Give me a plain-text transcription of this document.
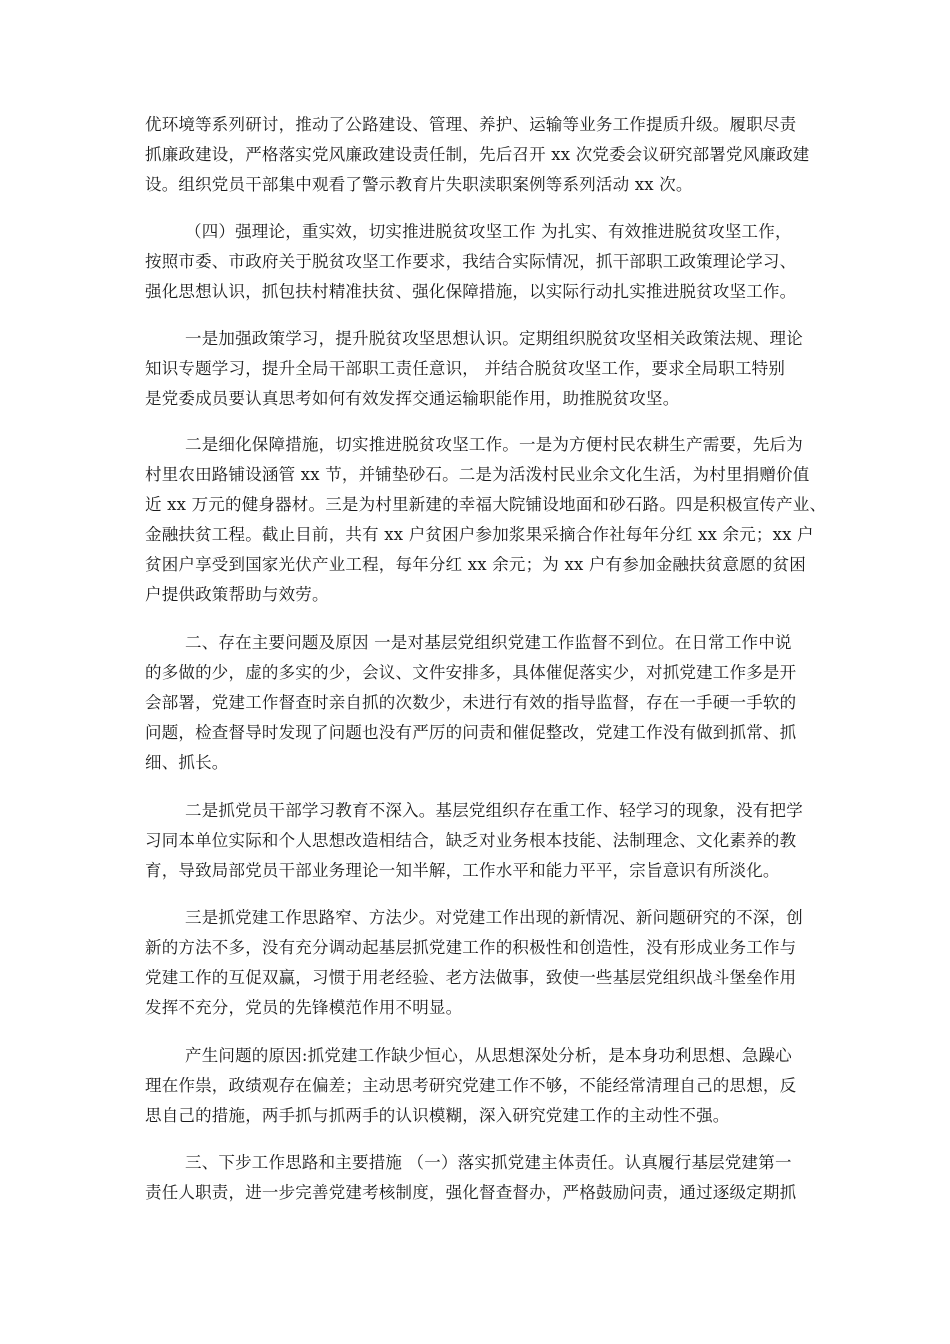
优环境等系列研讨，推动了公路建设、管理、养护、运输等业务工作提质升级。履职尽责
抓廉政建设，严格落实党风廉政建设责任制，先后召开 xx 次党委会议研究部署党风廉政建
设。组织党员干部集中观看了警示教育片失职渎职案例等系列活动 xx 次。
（四）强理论，重实效，切实推进脱贫攻坚工作 为扎实、有效推进脱贫攻坚工作，
按照市委、市政府关于脱贫攻坚工作要求，我结合实际情况，抓干部职工政策理论学习、
强化思想认识，抓包扶村精准扶贫、强化保障措施，以实际行动扎实推进脱贫攻坚工作。
一是加强政策学习，提升脱贫攻坚思想认识。定期组织脱贫攻坚相关政策法规、理论
知识专题学习，提升全局干部职工责任意识， 并结合脱贫攻坚工作，要求全局职工特别
是党委成员要认真思考如何有效发挥交通运输职能作用，助推脱贫攻坚。
二是细化保障措施，切实推进脱贫攻坚工作。一是为方便村民农耕生产需要，先后为
村里农田路铺设涵管 xx 节，并铺垫砂石。二是为活泼村民业余文化生活，为村里捐赠价值
近 xx 万元的健身器材。三是为村里新建的幸福大院铺设地面和砂石路。四是积极宣传产业、
金融扶贫工程。截止目前，共有 xx 户贫困户参加浆果采摘合作社每年分红 xx 余元；xx 户
贫困户享受到国家光伏产业工程，每年分红 xx 余元；为 xx 户有参加金融扶贫意愿的贫困
户提供政策帮助与效劳。
二、存在主要问题及原因 一是对基层党组织党建工作监督不到位。在日常工作中说
的多做的少，虚的多实的少，会议、文件安排多，具体催促落实少，对抓党建工作多是开
会部署，党建工作督查时亲自抓的次数少，未进行有效的指导监督，存在一手硬一手软的
问题，检查督导时发现了问题也没有严厉的问责和催促整改，党建工作没有做到抓常、抓
细、抓长。
二是抓党员干部学习教育不深入。基层党组织存在重工作、轻学习的现象，没有把学
习同本单位实际和个人思想改造相结合，缺乏对业务根本技能、法制理念、文化素养的教
育，导致局部党员干部业务理论一知半解，工作水平和能力平平，宗旨意识有所淡化。
三是抓党建工作思路窄、方法少。对党建工作出现的新情况、新问题研究的不深，创
新的方法不多，没有充分调动起基层抓党建工作的积极性和创造性，没有形成业务工作与
党建工作的互促双赢，习惯于用老经验、老方法做事，致使一些基层党组织战斗堡垒作用
发挥不充分，党员的先锋模范作用不明显。
产生问题的原因:抓党建工作缺少恒心，从思想深处分析，是本身功利思想、急躁心
理在作祟，政绩观存在偏差；主动思考研究党建工作不够，不能经常清理自己的思想，反
思自己的措施，两手抓与抓两手的认识模糊，深入研究党建工作的主动性不强。
三、下步工作思路和主要措施 （一）落实抓党建主体责任。认真履行基层党建第一
责任人职责，进一步完善党建考核制度，强化督查督办，严格鼓励问责，通过逐级定期抓
